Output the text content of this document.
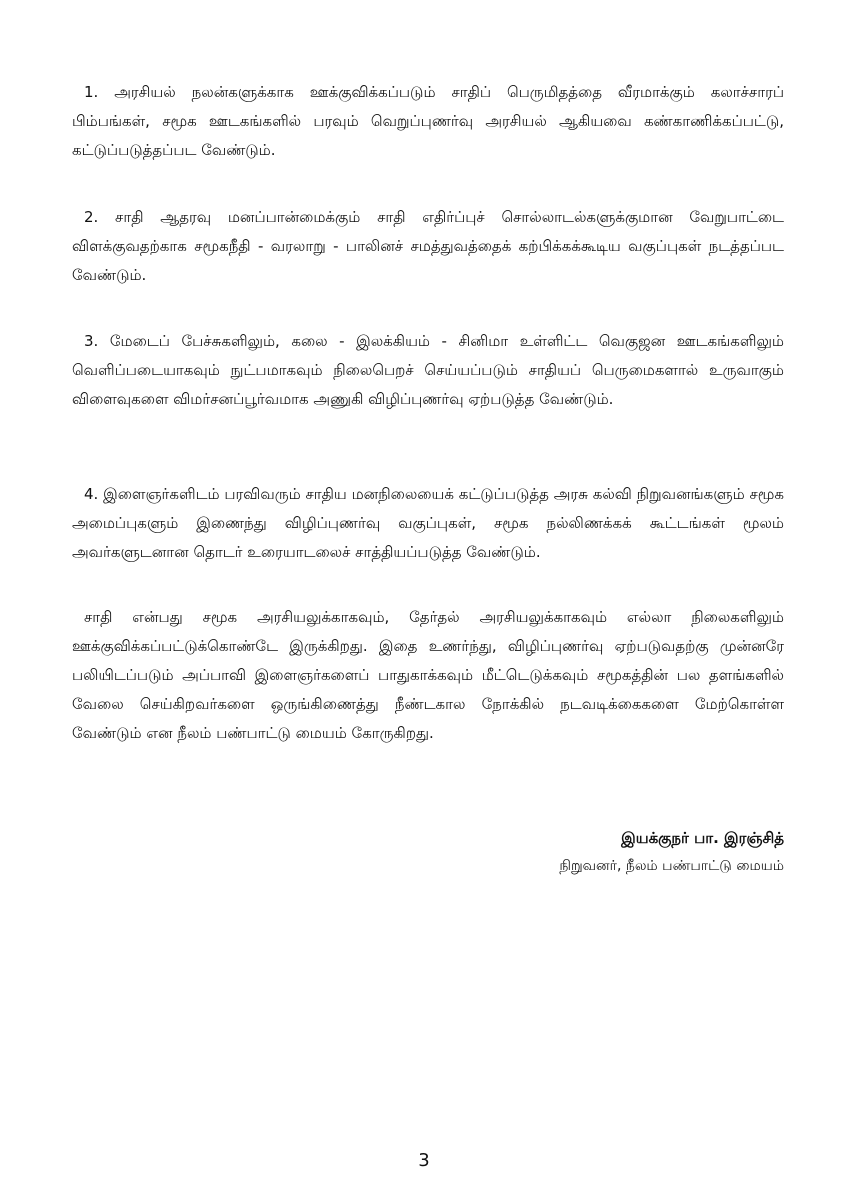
1. அரசியல் நலன்களுக்காக ஊக்குவிக்கப்படும் சாதிப் பெருமிதத்தை வீரமாக்கும் கலாச்சாரப் பிம்பங்கள், சமூக ஊடகங்களில் பரவும் வெறுப்புணர்வு அரசியல் ஆகியவை கண்காணிக்கப்பட்டு, கட்டுப்படுத்தப்பட வேண்டும்.

2. சாதி ஆதரவு மனப்பான்மைக்கும் சாதி எதிர்ப்புச் சொல்லாடல்களுக்குமான வேறுபாட்டை விளக்குவதற்காக சமூகநீதி - வரலாறு - பாலினச் சமத்துவத்தைக் கற்பிக்கக்கூடிய வகுப்புகள் நடத்தப்பட வேண்டும்.

3. மேடைப் பேச்சுகளிலும், கலை - இலக்கியம் - சினிமா உள்ளிட்ட வெகுஜன ஊடகங்களிலும் வெளிப்படையாகவும் நுட்பமாகவும் நிலைபெறச் செய்யப்படும் சாதியப் பெருமைகளால் உருவாகும் விளைவுகளை விமர்சனப்பூர்வமாக அணுகி விழிப்புணர்வு ஏற்படுத்த வேண்டும்.

4. இளைஞர்களிடம் பரவிவரும் சாதிய மனநிலையைக் கட்டுப்படுத்த அரசு கல்வி நிறுவனங்களும் சமூக அமைப்புகளும் இணைந்து விழிப்புணர்வு வகுப்புகள், சமூக நல்லிணக்கக் கூட்டங்கள் மூலம் அவர்களுடனான தொடர் உரையாடலைச் சாத்தியப்படுத்த வேண்டும்.

சாதி என்பது சமூக அரசியலுக்காகவும், தேர்தல் அரசியலுக்காகவும் எல்லா நிலைகளிலும் ஊக்குவிக்கப்பட்டுக்கொண்டே இருக்கிறது. இதை உணர்ந்து, விழிப்புணர்வு ஏற்படுவதற்கு முன்னரே பலியிடப்படும் அப்பாவி இளைஞர்களைப் பாதுகாக்கவும் மீட்டெடுக்கவும் சமூகத்தின் பல தளங்களில் வேலை செய்கிறவர்களை ஒருங்கிணைத்து நீண்டகால நோக்கில் நடவடிக்கைகளை மேற்கொள்ள வேண்டும் என நீலம் பண்பாட்டு மையம் கோருகிறது.

இயக்குநர் பா. இரஞ்சித்
நிறுவனர், நீலம் பண்பாட்டு மையம்
3
